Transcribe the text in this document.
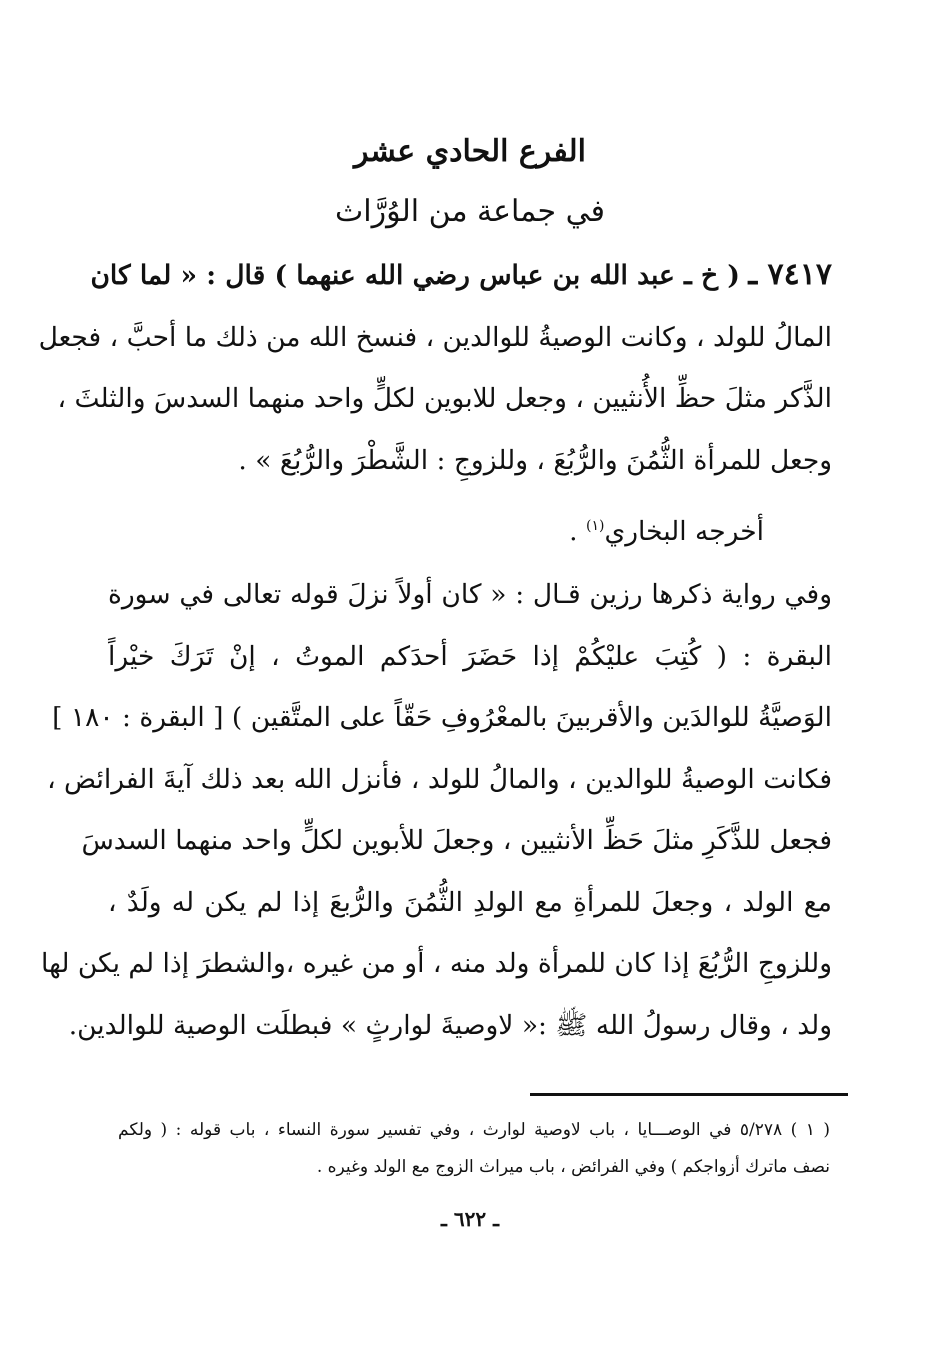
الفرع الحادي عشر
في جماعة من الوُرَّاث
٧٤١٧ ـ ( خ ـ عبد الله بن عباس رضي الله عنهما ) قال : « لما كان
المالُ للولد ، وكانت الوصيةُ للوالدين ، فنسخ الله من ذلك ما أحبَّ ، فجعل
الذَّكر مثلَ حظِّ الأُنثيين ، وجعل للابوين لكلٍّ واحد منهما السدسَ والثلثَ ،
وجعل للمرأة الثُّمُنَ والرُّبُعَ ، وللزوجِ : الشَّطْرَ والرُّبُعَ » .
أخرجه البخاري$^{(١)}$ .
وفي رواية ذكرها رزين قـال : « كان أولاً نزلَ قوله تعالى في سورة
البقرة : ( كُتِبَ عليْكُمْ إذا حَضَرَ أحدَكم الموتُ ، إنْ تَرَكَ خيْراً
الوَصيَّةُ للوالدَين والأقربينَ بالمعْرُوفِ حَقّاً على المتَّقين ) [ البقرة : ١٨٠ ]
فكانت الوصيةُ للوالدين ، والمالُ للولد ، فأنزل الله بعد ذلك آيةَ الفرائض ،
فجعل للذَّكَرِ مثلَ حَظِّ الأنثيين ، وجعلَ للأبوين لكلٍّ واحد منهما السدسَ
مع الولد ، وجعلَ للمرأةِ مع الولدِ الثُّمُنَ والرُّبعَ إذا لم يكن له ولَدٌ ،
وللزوجِ الرُّبُعَ إذا كان للمرأة ولد منه ، أو من غيره ،والشطرَ إذا لم يكن لها
ولد ، وقال رسولُ الله ﷺ :« لاوصيةَ لوارثٍ » فبطلَت الوصية للوالدين.
( ١ ) ٥/٢٧٨ في الوصـــايا ، باب لاوصية لوارث ، وفي تفسير سورة النساء ، باب قوله : ( ولكم
نصف ماترك أزواجكم ) وفي الفرائض ، باب ميراث الزوج مع الولد وغيره .
ـ ٦٢٢ ـ
